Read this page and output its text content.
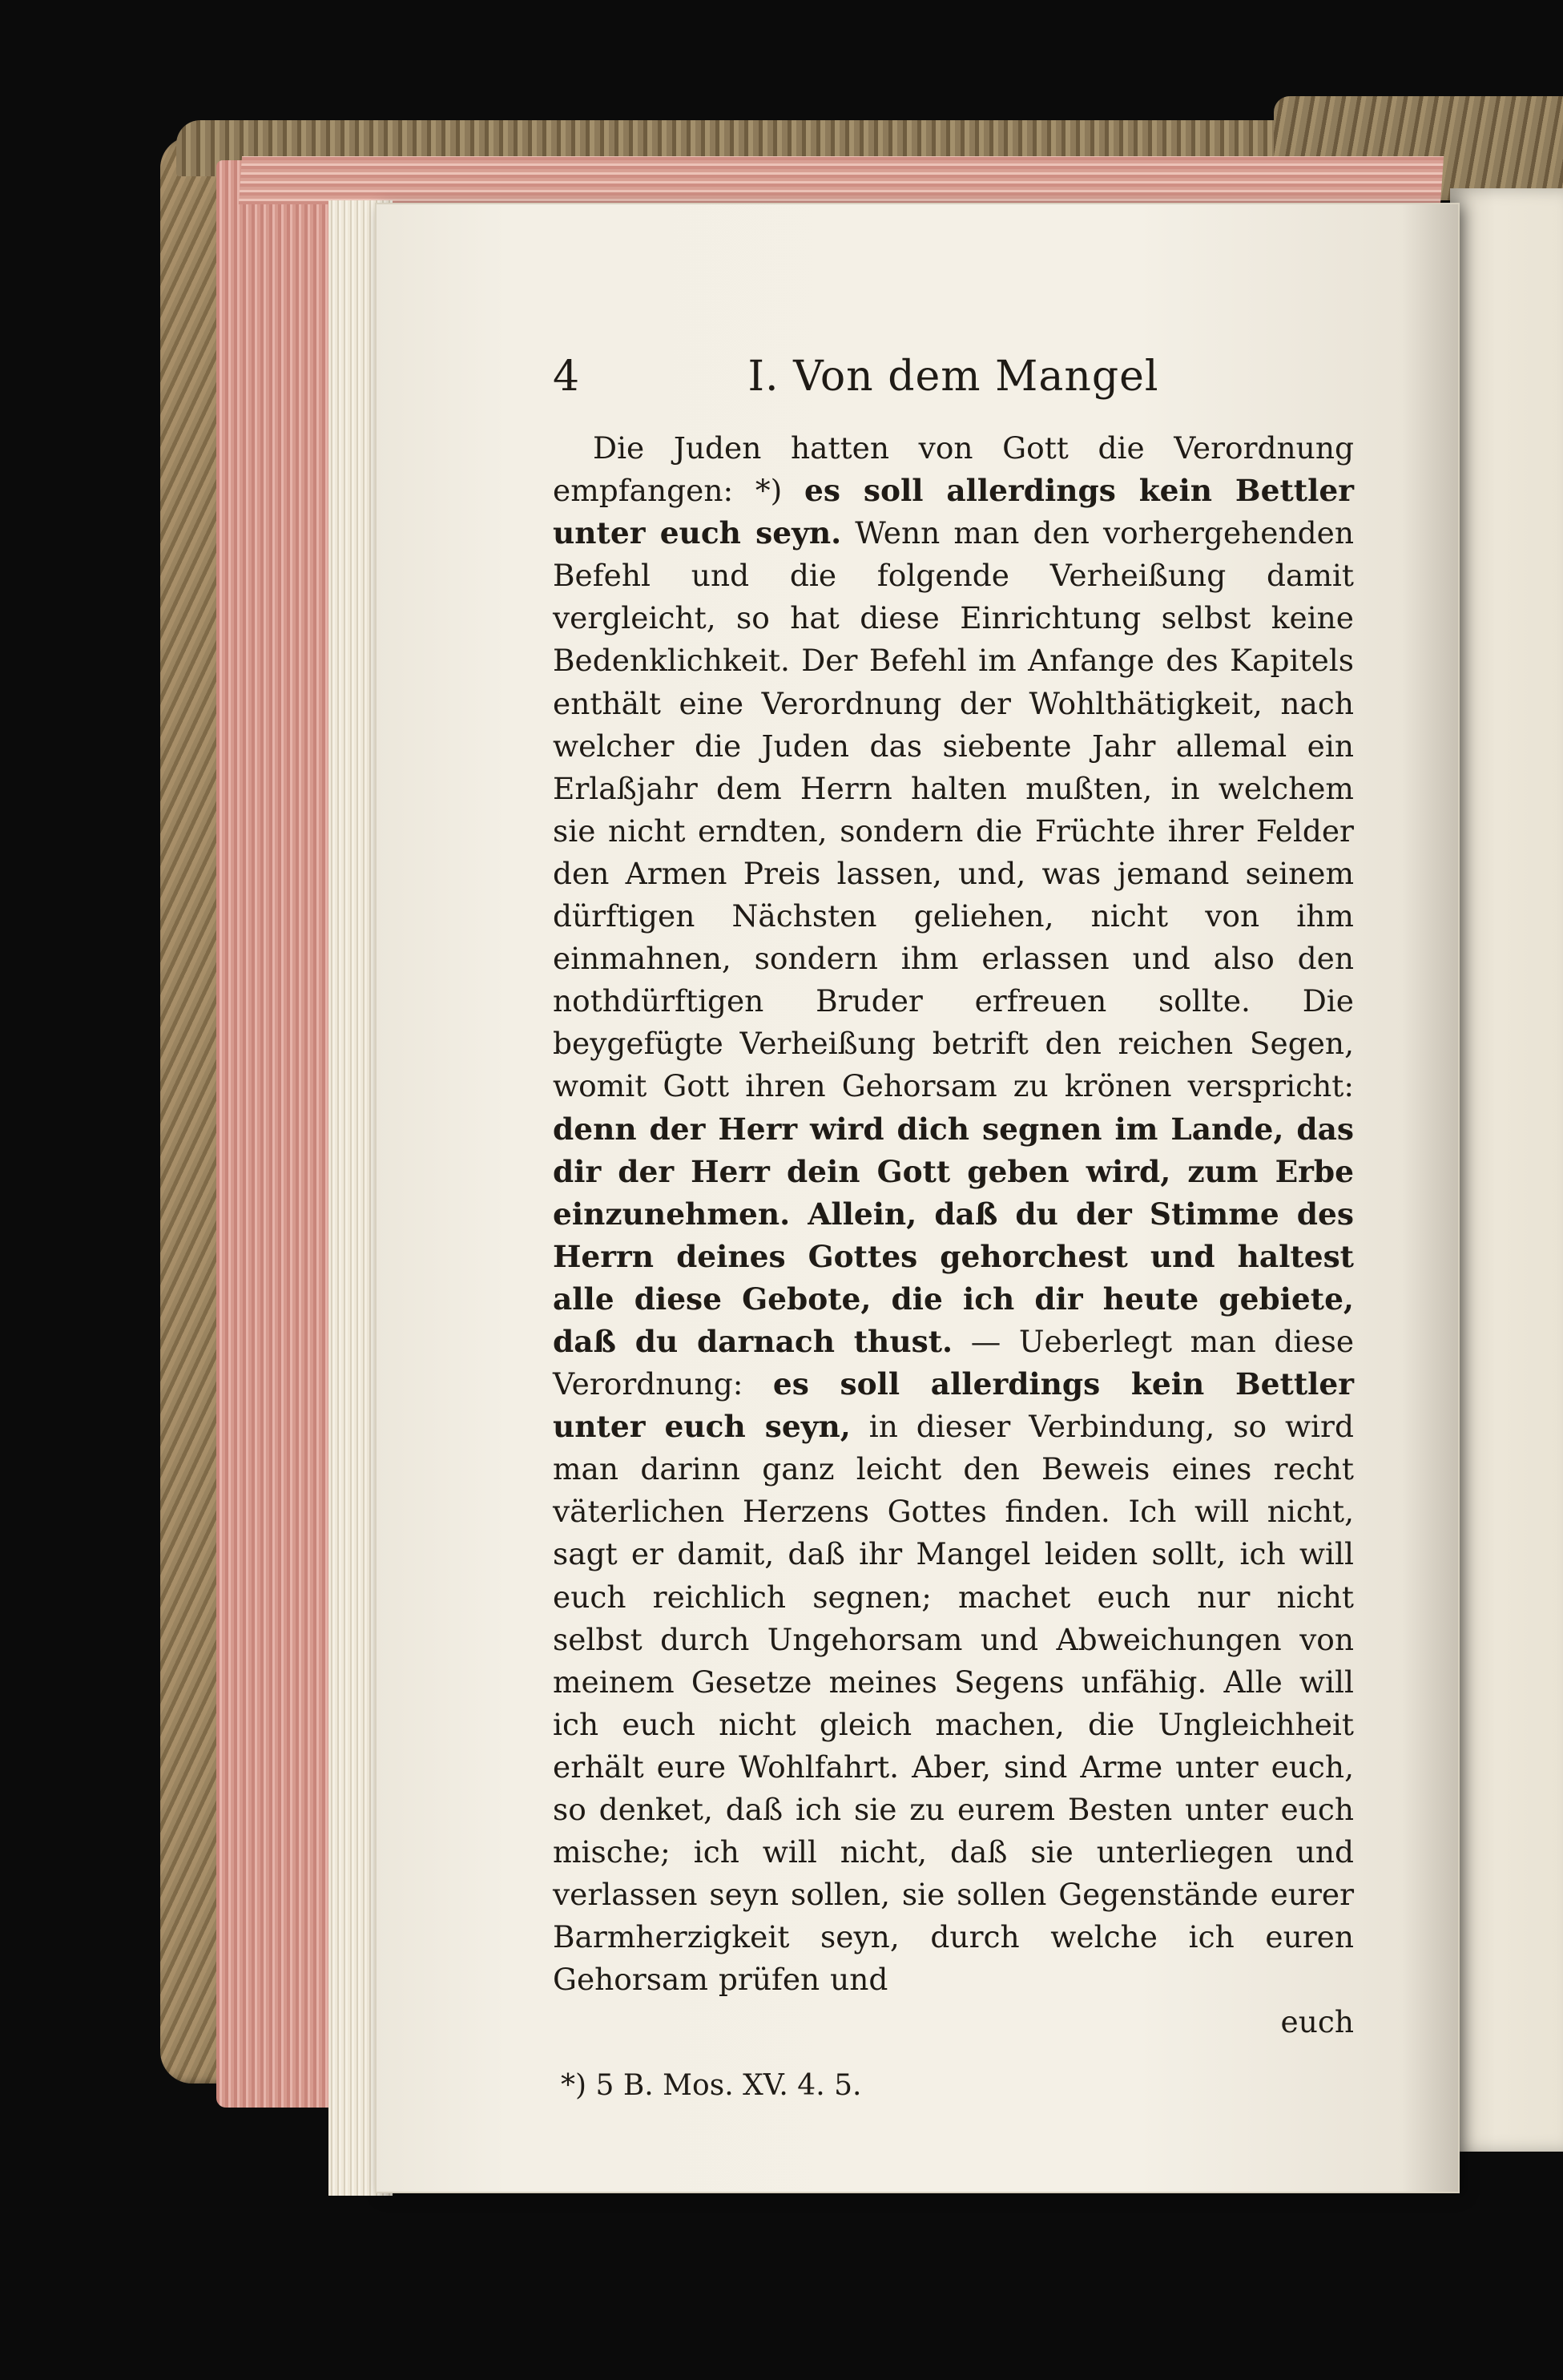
4	I. Von dem Mangel

Die Juden hatten von Gott die Verordnung empfangen: *) es soll allerdings kein Bettler unter euch seyn. Wenn man den vorhergehenden Befehl und die folgende Verheißung damit vergleicht, so hat diese Einrichtung selbst keine Bedenklichkeit. Der Befehl im Anfange des Kapitels enthält eine Verordnung der Wohlthätigkeit, nach welcher die Juden das siebente Jahr allemal ein Erlaßjahr dem Herrn halten mußten, in welchem sie nicht erndten, sondern die Früchte ihrer Felder den Armen Preis lassen, und, was jemand seinem dürftigen Nächsten geliehen, nicht von ihm einmahnen, sondern ihm erlassen und also den nothdürftigen Bruder erfreuen sollte. Die beygefügte Verheißung betrift den reichen Segen, womit Gott ihren Gehorsam zu krönen verspricht: denn der Herr wird dich segnen im Lande, das dir der Herr dein Gott geben wird, zum Erbe einzunehmen. Allein, daß du der Stimme des Herrn deines Gottes gehorchest und haltest alle diese Gebote, die ich dir heute gebiete, daß du darnach thust. — Ueberlegt man diese Verordnung: es soll allerdings kein Bettler unter euch seyn, in dieser Verbindung, so wird man darinn ganz leicht den Beweis eines recht väterlichen Herzens Gottes finden. Ich will nicht, sagt er damit, daß ihr Mangel leiden sollt, ich will euch reichlich segnen; machet euch nur nicht selbst durch Ungehorsam und Abweichungen von meinem Gesetze meines Segens unfähig. Alle will ich euch nicht gleich machen, die Ungleichheit erhält eure Wohlfahrt. Aber, sind Arme unter euch, so denket, daß ich sie zu eurem Besten unter euch mische; ich will nicht, daß sie unterliegen und verlassen seyn sollen, sie sollen Gegenstände eurer Barmherzigkeit seyn, durch welche ich euren Gehorsam prüfen und

euch
*) 5 B. Mos. XV. 4. 5.
